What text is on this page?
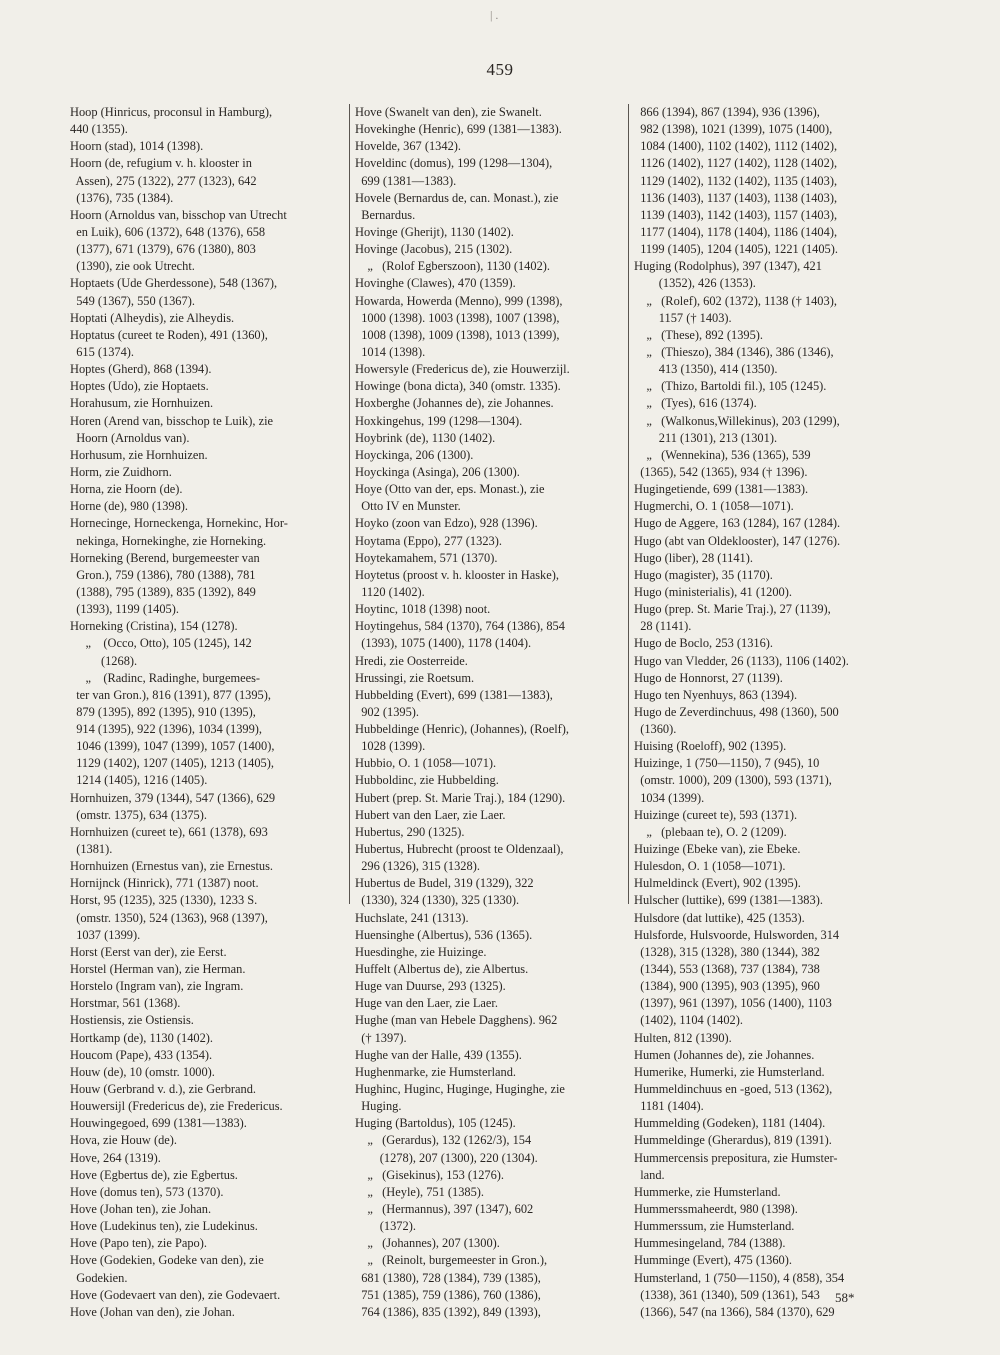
| .
459
Hoop (Hinricus, proconsul in Hamburg),
440 (1355).
Hoorn (stad), 1014 (1398).
Hoorn (de, refugium v. h. klooster in
Assen), 275 (1322), 277 (1323), 642
(1376), 735 (1384).
Hoorn (Arnoldus van, bisschop van Utrecht
en Luik), 606 (1372), 648 (1376), 658
(1377), 671 (1379), 676 (1380), 803
(1390), zie ook Utrecht.
Hoptaets (Ude Gherdessone), 548 (1367),
549 (1367), 550 (1367).
Hoptati (Alheydis), zie Alheydis.
Hoptatus (cureet te Roden), 491 (1360),
615 (1374).
Hoptes (Gherd), 868 (1394).
Hoptes (Udo), zie Hoptaets.
Horahusum, zie Hornhuizen.
Horen (Arend van, bisschop te Luik), zie
Hoorn (Arnoldus van).
Horhusum, zie Hornhuizen.
Horm, zie Zuidhorn.
Horna, zie Hoorn (de).
Horne (de), 980 (1398).
Hornecinge, Horneckenga, Hornekinc, Hor-
nekinga, Hornekinghe, zie Horneking.
Horneking (Berend, burgemeester van
Gron.), 759 (1386), 780 (1388), 781
(1388), 795 (1389), 835 (1392), 849
(1393), 1199 (1405).
Horneking (Cristina), 154 (1278).
„    (Occo, Otto), 105 (1245), 142
(1268).
„    (Radinc, Radinghe, burgemees-
ter van Gron.), 816 (1391), 877 (1395),
879 (1395), 892 (1395), 910 (1395),
914 (1395), 922 (1396), 1034 (1399),
1046 (1399), 1047 (1399), 1057 (1400),
1129 (1402), 1207 (1405), 1213 (1405),
1214 (1405), 1216 (1405).
Hornhuizen, 379 (1344), 547 (1366), 629
(omstr. 1375), 634 (1375).
Hornhuizen (cureet te), 661 (1378), 693
(1381).
Hornhuizen (Ernestus van), zie Ernestus.
Hornijnck (Hinrick), 771 (1387) noot.
Horst, 95 (1235), 325 (1330), 1233 S.
(omstr. 1350), 524 (1363), 968 (1397),
1037 (1399).
Horst (Eerst van der), zie Eerst.
Horstel (Herman van), zie Herman.
Horstelo (Ingram van), zie Ingram.
Horstmar, 561 (1368).
Hostiensis, zie Ostiensis.
Hortkamp (de), 1130 (1402).
Houcom (Pape), 433 (1354).
Houw (de), 10 (omstr. 1000).
Houw (Gerbrand v. d.), zie Gerbrand.
Houwersijl (Fredericus de), zie Fredericus.
Houwingegoed, 699 (1381—1383).
Hova, zie Houw (de).
Hove, 264 (1319).
Hove (Egbertus de), zie Egbertus.
Hove (domus ten), 573 (1370).
Hove (Johan ten), zie Johan.
Hove (Ludekinus ten), zie Ludekinus.
Hove (Papo ten), zie Papo).
Hove (Godekien, Godeke van den), zie
Godekien.
Hove (Godevaert van den), zie Godevaert.
Hove (Johan van den), zie Johan.
Hove (Swanelt van den), zie Swanelt.
Hovekinghe (Henric), 699 (1381—1383).
Hovelde, 367 (1342).
Hoveldinc (domus), 199 (1298—1304),
699 (1381—1383).
Hovele (Bernardus de, can. Monast.), zie
Bernardus.
Hovinge (Gherijt), 1130 (1402).
Hovinge (Jacobus), 215 (1302).
„   (Rolof Egberszoon), 1130 (1402).
Hovinghe (Clawes), 470 (1359).
Howarda, Howerda (Menno), 999 (1398),
1000 (1398). 1003 (1398), 1007 (1398),
1008 (1398), 1009 (1398), 1013 (1399),
1014 (1398).
Howersyle (Fredericus de), zie Houwerzijl.
Howinge (bona dicta), 340 (omstr. 1335).
Hoxberghe (Johannes de), zie Johannes.
Hoxkingehus, 199 (1298—1304).
Hoybrink (de), 1130 (1402).
Hoyckinga, 206 (1300).
Hoyckinga (Asinga), 206 (1300).
Hoye (Otto van der, eps. Monast.), zie
Otto IV en Munster.
Hoyko (zoon van Edzo), 928 (1396).
Hoytama (Eppo), 277 (1323).
Hoytekamahem, 571 (1370).
Hoytetus (proost v. h. klooster in Haske),
1120 (1402).
Hoytinc, 1018 (1398) noot.
Hoytingehus, 584 (1370), 764 (1386), 854
(1393), 1075 (1400), 1178 (1404).
Hredi, zie Oosterreide.
Hrussingi, zie Roetsum.
Hubbelding (Evert), 699 (1381—1383),
902 (1395).
Hubbeldinge (Henric), (Johannes), (Roelf),
1028 (1399).
Hubbio, O. 1 (1058—1071).
Hubboldinc, zie Hubbelding.
Hubert (prep. St. Marie Traj.), 184 (1290).
Hubert van den Laer, zie Laer.
Hubertus, 290 (1325).
Hubertus, Hubrecht (proost te Oldenzaal),
296 (1326), 315 (1328).
Hubertus de Budel, 319 (1329), 322
(1330), 324 (1330), 325 (1330).
Huchslate, 241 (1313).
Huensinghe (Albertus), 536 (1365).
Huesdinghe, zie Huizinge.
Huffelt (Albertus de), zie Albertus.
Huge van Duurse, 293 (1325).
Huge van den Laer, zie Laer.
Hughe (man van Hebele Dagghens). 962
(† 1397).
Hughe van der Halle, 439 (1355).
Hughenmarke, zie Humsterland.
Hughinc, Huginc, Huginge, Huginghe, zie
Huging.
Huging (Bartoldus), 105 (1245).
„   (Gerardus), 132 (1262/3), 154
(1278), 207 (1300), 220 (1304).
„   (Gisekinus), 153 (1276).
„   (Heyle), 751 (1385).
„   (Hermannus), 397 (1347), 602
(1372).
„   (Johannes), 207 (1300).
„   (Reinolt, burgemeester in Gron.),
681 (1380), 728 (1384), 739 (1385),
751 (1385), 759 (1386), 760 (1386),
764 (1386), 835 (1392), 849 (1393),
866 (1394), 867 (1394), 936 (1396),
982 (1398), 1021 (1399), 1075 (1400),
1084 (1400), 1102 (1402), 1112 (1402),
1126 (1402), 1127 (1402), 1128 (1402),
1129 (1402), 1132 (1402), 1135 (1403),
1136 (1403), 1137 (1403), 1138 (1403),
1139 (1403), 1142 (1403), 1157 (1403),
1177 (1404), 1178 (1404), 1186 (1404),
1199 (1405), 1204 (1405), 1221 (1405).
Huging (Rodolphus), 397 (1347), 421
(1352), 426 (1353).
„   (Rolef), 602 (1372), 1138 († 1403),
1157 († 1403).
„   (These), 892 (1395).
„   (Thieszo), 384 (1346), 386 (1346),
413 (1350), 414 (1350).
„   (Thizo, Bartoldi fil.), 105 (1245).
„   (Tyes), 616 (1374).
„   (Walkonus,Willekinus), 203 (1299),
211 (1301), 213 (1301).
„   (Wennekina), 536 (1365), 539
(1365), 542 (1365), 934 († 1396).
Hugingetiende, 699 (1381—1383).
Hugmerchi, O. 1 (1058—1071).
Hugo de Aggere, 163 (1284), 167 (1284).
Hugo (abt van Oldeklooster), 147 (1276).
Hugo (liber), 28 (1141).
Hugo (magister), 35 (1170).
Hugo (ministerialis), 41 (1200).
Hugo (prep. St. Marie Traj.), 27 (1139),
28 (1141).
Hugo de Boclo, 253 (1316).
Hugo van Vledder, 26 (1133), 1106 (1402).
Hugo de Honnorst, 27 (1139).
Hugo ten Nyenhuys, 863 (1394).
Hugo de Zeverdinchuus, 498 (1360), 500
(1360).
Huising (Roeloff), 902 (1395).
Huizinge, 1 (750—1150), 7 (945), 10
(omstr. 1000), 209 (1300), 593 (1371),
1034 (1399).
Huizinge (cureet te), 593 (1371).
„   (plebaan te), O. 2 (1209).
Huizinge (Ebeke van), zie Ebeke.
Hulesdon, O. 1 (1058—1071).
Hulmeldinck (Evert), 902 (1395).
Hulscher (luttike), 699 (1381—1383).
Hulsdore (dat luttike), 425 (1353).
Hulsforde, Hulsvoorde, Hulsworden, 314
(1328), 315 (1328), 380 (1344), 382
(1344), 553 (1368), 737 (1384), 738
(1384), 900 (1395), 903 (1395), 960
(1397), 961 (1397), 1056 (1400), 1103
(1402), 1104 (1402).
Hulten, 812 (1390).
Humen (Johannes de), zie Johannes.
Humerike, Humerki, zie Humsterland.
Hummeldinchuus en -goed, 513 (1362),
1181 (1404).
Hummelding (Godeken), 1181 (1404).
Hummeldinge (Gherardus), 819 (1391).
Hummercensis prepositura, zie Humster-
land.
Hummerke, zie Humsterland.
Hummerssmaheerdt, 980 (1398).
Hummerssum, zie Humsterland.
Hummesingeland, 784 (1388).
Humminge (Evert), 475 (1360).
Humsterland, 1 (750—1150), 4 (858), 354
(1338), 361 (1340), 509 (1361), 543
(1366), 547 (na 1366), 584 (1370), 629
58*
